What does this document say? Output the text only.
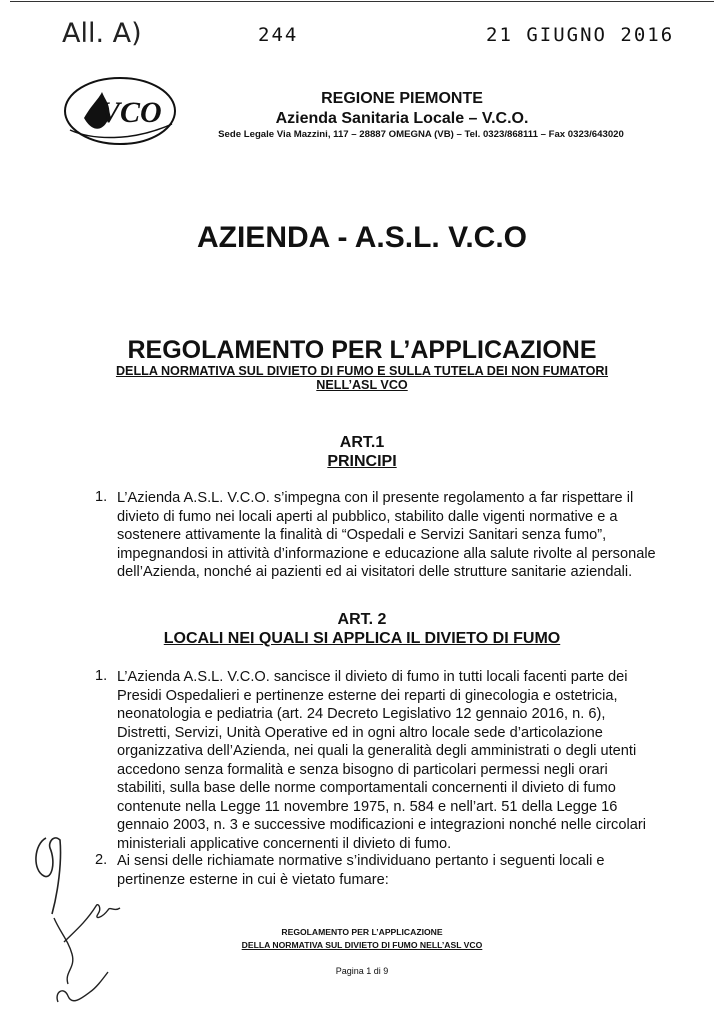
All. A)	244	21 GIUGNO 2016
VCO	REGIONE PIEMONTE
Azienda Sanitaria Locale – V.C.O.
Sede Legale Via Mazzini, 117 – 28887 OMEGNA (VB) – Tel. 0323/868111 – Fax 0323/643020
AZIENDA - A.S.L. V.C.O
REGOLAMENTO PER L’APPLICAZIONE
DELLA NORMATIVA SUL DIVIETO DI FUMO E SULLA TUTELA DEI NON FUMATORI
NELL’ASL VCO
ART.1
PRINCIPI
1. L’Azienda A.S.L. V.C.O. s’impegna con il presente regolamento a far rispettare il
divieto di fumo nei locali aperti al pubblico, stabilito dalle vigenti normative e a
sostenere attivamente la finalità di “Ospedali e Servizi Sanitari senza fumo”,
impegnandosi in attività d’informazione e educazione alla salute rivolte al personale
dell’Azienda, nonché ai pazienti ed ai visitatori delle strutture sanitarie aziendali.
ART. 2
LOCALI NEI QUALI SI APPLICA IL DIVIETO DI FUMO
1. L’Azienda A.S.L. V.C.O. sancisce il divieto di fumo in tutti locali facenti parte dei
Presidi Ospedalieri e pertinenze esterne dei reparti di ginecologia e ostetricia,
neonatologia e pediatria (art. 24 Decreto Legislativo 12 gennaio 2016, n. 6),
Distretti, Servizi, Unità Operative ed in ogni altro locale sede d’articolazione
organizzativa dell’Azienda, nei quali la generalità degli amministrati o degli utenti
accedono senza formalità e senza bisogno di particolari permessi negli orari
stabiliti, sulla base delle norme comportamentali concernenti il divieto di fumo
contenute nella Legge 11 novembre 1975, n. 584 e nell’art. 51 della Legge 16
gennaio 2003, n. 3 e successive modificazioni e integrazioni nonché nelle circolari
ministeriali applicative concernenti il divieto di fumo.
2. Ai sensi delle richiamate normative s’individuano pertanto i seguenti locali e
pertinenze esterne in cui è vietato fumare:
REGOLAMENTO PER L’APPLICAZIONE
DELLA NORMATIVA SUL DIVIETO DI FUMO NELL’ASL VCO
Pagina 1 di 9
